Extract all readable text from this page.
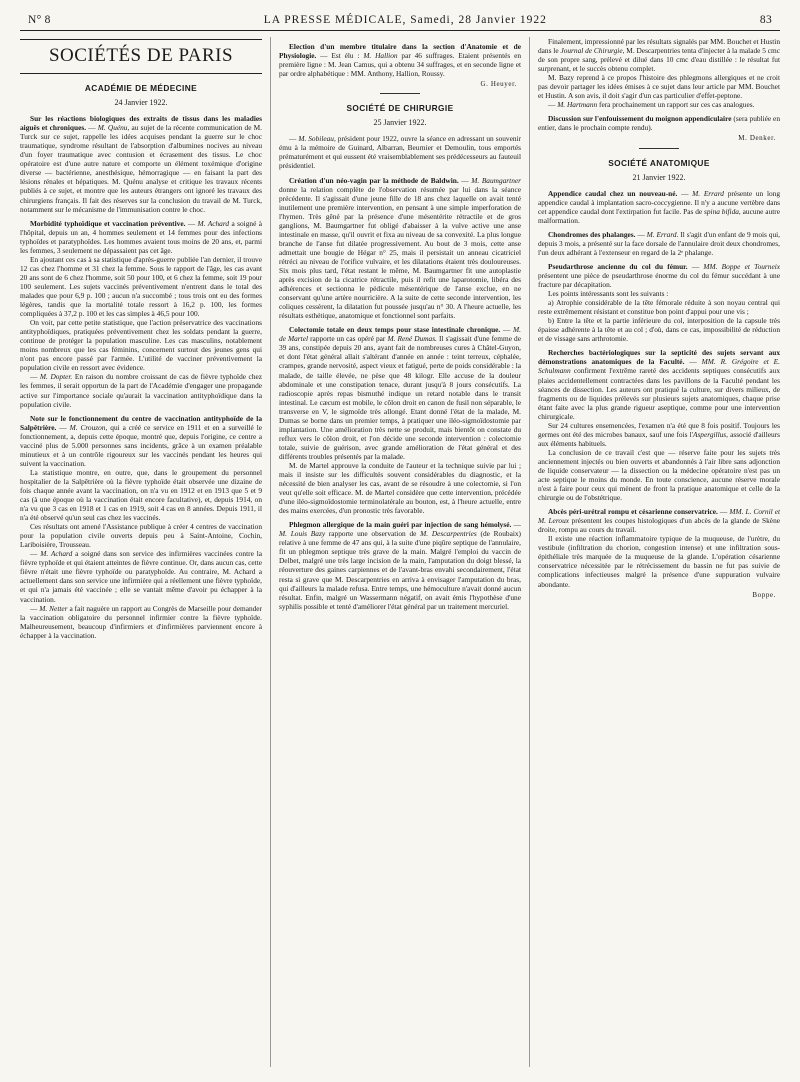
N° 8	LA PRESSE MÉDICALE, Samedi, 28 Janvier 1922	83
SOCIÉTÉS DE PARIS
ACADÉMIE DE MÉDECINE
24 Janvier 1922.

Sur les réactions biologiques des extraits de tissus dans les maladies aiguës et chroniques. — M. Quénu, au sujet de la récente communication de M. Turck sur ce sujet, rappelle les idées acquises pendant la guerre sur le choc traumatique, syndrome résultant de l'absorption d'albumines nocives au niveau d'un foyer traumatique avec contusion et écrasement des tissus. Le choc opératoire est d'une autre nature et comporte un élément toxémique d'origine diverse — bactérienne, anesthésique, hémorragique — en faisant la part des lésions rénales et hépatiques. M. Quénu analyse et critique les travaux récents publiés à ce sujet, et montre que les auteurs étrangers ont ignoré les travaux des chirurgiens français. Il fait des réserves sur la conclusion du travail de M. Turck, notamment sur le mécanisme de l'immunisation contre le choc.

Morbidité typhoïdique et vaccination préventive. — M. Achard a soigné à l'hôpital, depuis un an, 4 hommes seulement et 14 femmes pour des infections typhoïdes et paratyphoïdes. Les hommes avaient tous moins de 20 ans, et, parmi les femmes, 3 seulement ne dépassaient pas cet âge.

En ajoutant ces cas à sa statistique d'après-guerre publiée l'an dernier, il trouve 12 cas chez l'homme et 31 chez la femme. Sous le rapport de l'âge, les cas avant 20 ans sont de 6 chez l'homme, soit 50 pour 100, et 6 chez la femme, soit 19 pour 100 seulement. Les sujets vaccinés préventivement n'entrent dans le total des malades que pour 6,9 p. 100 ; aucun n'a succombé ; tous trois ont eu des formes légères, tandis que la mortalité totale ressort à 16,2 p. 100, les formes compliquées à 37,2 p. 100 et les cas simples à 46,5 pour 100.

On voit, par cette petite statistique, que l'action préservatrice des vaccinations antityphoïdiques, pratiquées préventivement chez les soldats pendant la guerre, continue de protéger la population masculine. Les cas masculins, notablement moins nombreux que les cas féminins, concernent surtout des jeunes gens qui n'ont pas encore passé par l'armée. L'utilité de vacciner préventivement la population civile en ressort avec évidence.

— M. Dopter. En raison du nombre croissant de cas de fièvre typhoïde chez les femmes, il serait opportun de la part de l'Académie d'engager une propagande active sur l'importance sociale qu'aurait la vaccination antityphoïdique dans la population civile.

Note sur le fonctionnement du centre de vaccination antityphoïde de la Salpêtrière. — M. Crouzon, qui a créé ce service en 1911 et en a surveillé le fonctionnement, a, depuis cette époque, montré que, depuis l'origine, ce centre a vacciné plus de 5.000 personnes sans incidents, grâce à un examen préalable minutieux et à un contrôle rigoureux sur les vaccinés pendant les heures qui suivent la vaccination.

La statistique montre, en outre, que, dans le groupement du personnel hospitalier de la Salpêtrière où la fièvre typhoïde était observée une dizaine de fois chaque année avant la vaccination, on n'a vu en 1912 et en 1913 que 5 et 9 cas (à une époque où la vaccination était encore facultative), et, depuis 1914, on n'a vu que 3 cas en 1918 et 1 cas en 1919, soit 4 cas en 8 années. Depuis 1911, il n'a été observé qu'un seul cas chez les vaccinés.

Ces résultats ont amené l'Assistance publique à créer 4 centres de vaccination pour la population civile ouverts depuis peu à Saint-Antoine, Cochin, Lariboisière, Trousseau.

— M. Achard a soigné dans son service des infirmières vaccinées contre la fièvre typhoïde et qui étaient atteintes de fièvre continue. Or, dans aucun cas, cette fièvre n'était une fièvre typhoïde ou paratyphoïde. Au contraire, M. Achard a actuellement dans son service une infirmière qui a réellement une fièvre typhoïde, et qui n'a jamais été vaccinée ; elle se vantait même d'avoir pu échapper à la vaccination.

— M. Netter a fait naguère un rapport au Congrès de Marseille pour demander la vaccination obligatoire du personnel infirmier contre la fièvre typhoïde. Malheureusement, beaucoup d'infirmiers et d'infirmières parviennent encore à échapper à la vaccination.

Election d'un membre titulaire dans la section d'Anatomie et de Physiologie. — Est élu : M. Hallion par 46 suffrages. Etaient présentés en première ligne : M. Jean Camus, qui a obtenu 34 suffrages, et en seconde ligne et par ordre alphabétique : MM. Anthony, Hallion, Roussy.

G. Heuyer.
SOCIÉTÉ DE CHIRURGIE
25 Janvier 1922.

— M. Sobileau, président pour 1922, ouvre la séance en adressant un souvenir ému à la mémoire de Guinard, Albarran, Beurnier et Demoulin, tous emportés prématurément et qui eussent été vraisemblablement ses prédécesseurs au fauteuil présidentiel.

Création d'un néo-vagin par la méthode de Baldwin. — M. Baumgartner donne la relation complète de l'observation résumée par lui dans la séance précédente. Il s'agissait d'une jeune fille de 18 ans chez laquelle on avait tenté inutilement une première intervention, en pensant à une simple imperforation de l'hymen. Très gêné par la présence d'une mésentérite rétractile et de gros ganglions, M. Baumgartner fut obligé d'abaisser à la vulve active une anse intestinale en masse, qu'il ouvrit et fixa au niveau de sa convexité. La plus longue branche de l'anse fut dilatée progressivement. Au bout de 3 mois, cette anse admettait une bougie de Hégar n° 25, mais il persistait un anneau cicatriciel rétréci au niveau de l'orifice vulvaire, et les dilatations étaient très douloureuses. Six mois plus tard, l'état restant le même, M. Baumgartner fit une autoplastie après excision de la cicatrice rétractile, puis il refit une laparotomie, libéra des adhérences et sectionna le pédicule mésentérique de l'anse exclue, en ne conservant qu'une artère nourricière. A la suite de cette seconde intervention, les coliques cessèrent, la dilatation fut poussée jusqu'au n° 30. A l'heure actuelle, les résultats esthétique, anatomique et fonctionnel sont parfaits.

Colectomie totale en deux temps pour stase intestinale chronique. — M. de Martel rapporte un cas opéré par M. René Dumas. Il s'agissait d'une femme de 39 ans, constipée depuis 20 ans, ayant fait de nombreuses cures à Châtel-Guyon, et dont l'état général allait s'altérant d'année en année : teint terreux, céphalée, crampes, grande nervosité, aspect vieux et fatigué, perte de poids considérable : la malade, de taille élevée, ne pèse que 48 kilogr. Elle accuse de la douleur abdominale et une constipation tenace, durant jusqu'à 8 jours consécutifs. La radioscopie après repas bismuthé indique un retard notable dans le transit intestinal. Le cæcum est mobile, le côlon droit en canon de fusil non séparable, le transverse en V, le sigmoïde très allongé. Etant donné l'état de la malade, M. Dumas se borne dans un premier temps, à pratiquer une iléo-sigmoïdostomie par implantation. Une amélioration très nette se produit, mais bientôt on constate du reflux vers le côlon droit, et l'on décide une seconde intervention : colectomie totale, suivie de guérison, avec grande amélioration de l'état général et des différents troubles présentés par la malade.

M. de Martel approuve la conduite de l'auteur et la technique suivie par lui ; mais il insiste sur les difficultés souvent considérables du diagnostic, et la nécessité de bien analyser les cas, avant de se résoudre à une colectomie, si l'on veut qu'elle soit efficace. M. de Martel considère que cette intervention, précédée d'une iléo-sigmoïdostomie terminolatérale au bouton, est, à l'heure actuelle, entre des mains exercées, d'un pronostic très favorable.

Phlegmon allergique de la main guéri par injection de sang hémolysé. — M. Louis Bazy rapporte une observation de M. Descarpentries (de Roubaix) relative à une femme de 47 ans qui, à la suite d'une piqûre septique de l'annulaire, fit un phlegmon septique très grave de la main. Malgré l'emploi du vaccin de Delbet, malgré une très large incision de la main, l'amputation du doigt blessé, la réouverture des gaines carpiennes et de l'avant-bras envahi secondairement, l'état resta si grave que M. Descarpentries en arriva à envisager l'amputation du bras, qui d'ailleurs la malade refusa. Entre temps, une hémoculture n'avait donné aucun résultat. Enfin, malgré un Wassermann négatif, on avait émis l'hypothèse d'une syphilis possible et tenté d'améliorer l'état général par un traitement mercuriel.

Finalement, impressionné par les résultats signalés par MM. Bouchet et Hustin dans le Journal de Chirurgie, M. Descarpentries tenta d'injecter à la malade 5 cmc de son propre sang, prélevé et dilué dans 10 cmc d'eau distillée : le résultat fut surprenant, et le succès obtenu complet.

M. Bazy reprend à ce propos l'histoire des phlegmons allergiques et ne croit pas devoir partager les idées émises à ce sujet dans leur article par MM. Bouchet et Hustin. A son avis, il doit s'agir d'un cas particulier d'effet-peptone.

— M. Hartmann fera prochainement un rapport sur ces cas analogues.

Discussion sur l'enfouissement du moignon appendiculaire (sera publiée en entier, dans le prochain compte rendu).

M. Denker.
SOCIÉTÉ ANATOMIQUE
21 Janvier 1922.

Appendice caudal chez un nouveau-né. — M. Errard présente un long appendice caudal à implantation sacro-coccygienne. Il n'y a aucune vertèbre dans cet appendice caudal dont l'extirpation fut facile. Pas de spina bifida, aucune autre malformation.

Chondromes des phalanges. — M. Errard. Il s'agit d'un enfant de 9 mois qui, depuis 3 mois, a présenté sur la face dorsale de l'annulaire droit deux chondromes, l'un deux adhérant à l'extenseur en regard de la 2ᵉ phalange.

Pseudarthrose ancienne du col du fémur. — MM. Boppe et Tourneix présentent une pièce de pseudarthrose énorme du col du fémur succédant à une fracture par décapitation.

Les points intéressants sont les suivants :

a) Atrophie considérable de la tête fémorale réduite à son noyau central qui reste extrêmement résistant et constitue bon point d'appui pour une vis ;

b) Entre la tête et la partie inférieure du col, interposition de la capsule très épaisse adhérente à la tête et au col ; d'où, dans ce cas, impossibilité de réduction et de vissage sans arthrotomie.

Recherches bactériologiques sur la septicité des sujets servant aux démonstrations anatomiques de la Faculté. — MM. R. Grégoire et E. Schulmann confirment l'extrême rareté des accidents septiques consécutifs aux plaies accidentellement contractées dans les pavillons de la Faculté pendant les séances de dissection. Les auteurs ont pratiqué la culture, sur divers milieux, de fragments ou de liquides prélevés sur plusieurs sujets anatomiques, chaque prise étant faite avec la plus grande rigueur aseptique, comme pour une intervention chirurgicale.

Sur 24 cultures ensemencées, l'examen n'a été que 8 fois positif. Toujours les germes ont été des microbes banaux, sauf une fois l'Aspergillus, associé d'ailleurs aux éléments habituels.

La conclusion de ce travail c'est que — réserve faite pour les sujets très anciennement injectés ou bien ouverts et abandonnés à l'air libre sans adjonction de liquide conservateur — la dissection ou la médecine opératoire n'est pas un acte septique le moins du monde. En toute conscience, aucune réserve morale n'est à faire pour ceux qui mènent de front la pratique anatomique et celle de la chirurgie ou de l'obstétrique.

Abcès péri-urétral rompu et césarienne conservatrice. — MM. L. Cornil et M. Leroux présentent les coupes histologiques d'un abcès de la glande de Skène droite, rompu au cours du travail.

Il existe une réaction inflammatoire typique de la muqueuse, de l'urètre, du vestibule (infiltration du chorion, congestion intense) et une infiltration sous-épithéliale très marquée de la muqueuse de la glande. L'opération césarienne conservatrice nécessitée par le rétrécissement du bassin ne fut pas suivie de complications infectieuses malgré la présence d'une suppuration vulvaire abondante.

Boppe.
